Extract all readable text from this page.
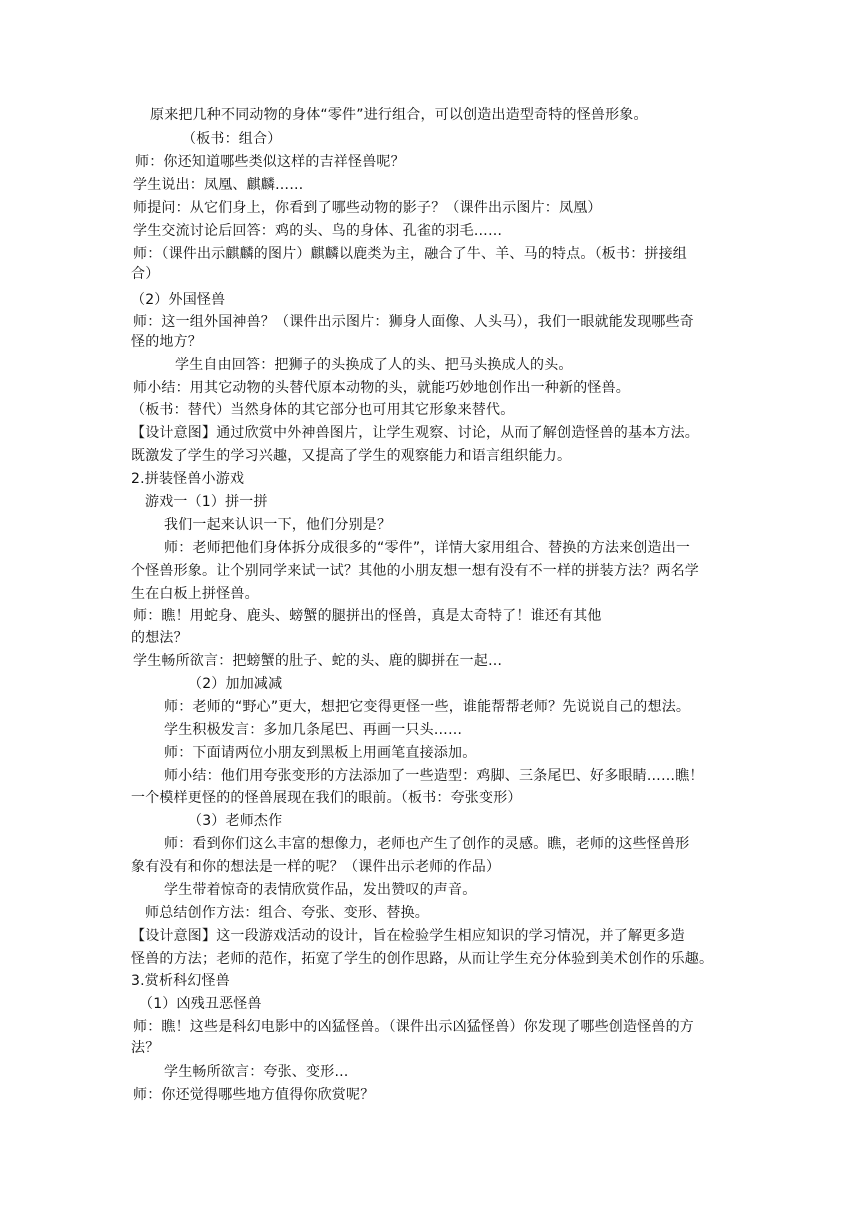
原来把几种不同动物的身体“零件”进行组合，可以创造出造型奇特的怪兽形象。
（板书：组合）
师：你还知道哪些类似这样的吉祥怪兽呢？
学生说出：凤凰、麒麟……
师提问：从它们身上，你看到了哪些动物的影子？（课件出示图片：凤凰）
学生交流讨论后回答：鸡的头、鸟的身体、孔雀的羽毛……
师：（课件出示麒麟的图片）麒麟以鹿类为主，融合了牛、羊、马的特点。（板书：拼接组
合）
（2）外国怪兽
师：这一组外国神兽？（课件出示图片：狮身人面像、人头马），我们一眼就能发现哪些奇
怪的地方？
学生自由回答：把狮子的头换成了人的头、把马头换成人的头。
师小结：用其它动物的头替代原本动物的头，就能巧妙地创作出一种新的怪兽。
（板书：替代）当然身体的其它部分也可用其它形象来替代。
【设计意图】通过欣赏中外神兽图片，让学生观察、讨论，从而了解创造怪兽的基本方法。
既激发了学生的学习兴趣，又提高了学生的观察能力和语言组织能力。
2.拼装怪兽小游戏
游戏一（1）拼一拼
我们一起来认识一下，他们分别是？
师：老师把他们身体拆分成很多的“零件”，详情大家用组合、替换的方法来创造出一
个怪兽形象。让个别同学来试一试？其他的小朋友想一想有没有不一样的拼装方法？两名学
生在白板上拼怪兽。
师：瞧！用蛇身、鹿头、螃蟹的腿拼出的怪兽，真是太奇特了！谁还有其他
的想法？
学生畅所欲言：把螃蟹的肚子、蛇的头、鹿的脚拼在一起…
（2）加加减减
师：老师的“野心”更大，想把它变得更怪一些，谁能帮帮老师？先说说自己的想法。
学生积极发言：多加几条尾巴、再画一只头……
师：下面请两位小朋友到黑板上用画笔直接添加。
师小结：他们用夸张变形的方法添加了一些造型：鸡脚、三条尾巴、好多眼睛……瞧！
一个模样更怪的的怪兽展现在我们的眼前。（板书：夸张变形）
（3）老师杰作
师：看到你们这么丰富的想像力，老师也产生了创作的灵感。瞧，老师的这些怪兽形
象有没有和你的想法是一样的呢？（课件出示老师的作品）
学生带着惊奇的表情欣赏作品，发出赞叹的声音。
师总结创作方法：组合、夸张、变形、替换。
【设计意图】这一段游戏活动的设计，旨在检验学生相应知识的学习情况，并了解更多造
怪兽的方法；老师的范作，拓宽了学生的创作思路，从而让学生充分体验到美术创作的乐趣。
3.赏析科幻怪兽
（1）凶残丑恶怪兽
师：瞧！这些是科幻电影中的凶猛怪兽。（课件出示凶猛怪兽）你发现了哪些创造怪兽的方
法？
学生畅所欲言：夸张、变形…
师：你还觉得哪些地方值得你欣赏呢？
